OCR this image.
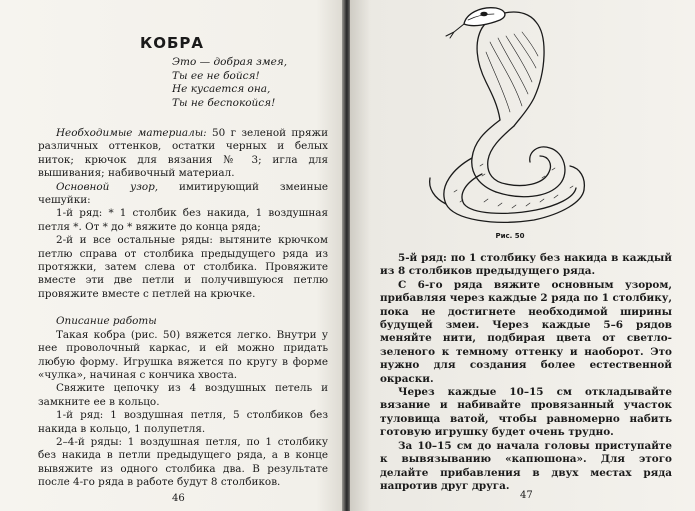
КОБРА
Это — добрая змея,
Ты ее не бойся!
Не кусается она,
Ты не беспокойся!

Необходимые материалы: 50 г зеленой пряжи различных оттенков, остатки черных и белых ниток; крючок для вязания № 3; игла для вышивания; набивочный материал.

Основной узор, имитирующий змеиные чешуйки:

1-й ряд: * 1 столбик без накида, 1 воздушная петля *. От * до * вяжите до конца ряда;

2-й и все остальные ряды: вытяните крючком петлю справа от столбика предыдущего ряда из протяжки, затем слева от столбика. Провяжите вместе эти две петли и получившуюся петлю провяжите вместе с петлей на крючке.

Описание работы

Такая кобра (рис. 50) вяжется легко. Внутри у нее проволочный каркас, и ей можно придать любую форму. Игрушка вяжется по кругу в форме «чулка», начиная с кончика хвоста.

Свяжите цепочку из 4 воздушных петель и замкните ее в кольцо.

1-й ряд: 1 воздушная петля, 5 столбиков без накида в кольцо, 1 полупетля.

2–4-й ряды: 1 воздушная петля, по 1 столбику без накида в петли предыдущего ряда, а в конце вывяжите из одного столбика два. В результате после 4-го ряда в работе будут 8 столбиков.

46
Рис. 50

5-й ряд: по 1 столбику без накида в каждый из 8 столбиков предыдущего ряда.

С 6-го ряда вяжите основным узором, прибавляя через каждые 2 ряда по 1 столбику, пока не достигнете необходимой ширины будущей змеи. Через каждые 5–6 рядов меняйте нити, подбирая цвета от светло-зеленого к темному оттенку и наоборот. Это нужно для создания более естественной окраски.

Через каждые 10–15 см откладывайте вязание и набивайте провязанный участок туловища ватой, чтобы равномерно набить готовую игрушку будет очень трудно.

За 10–15 см до начала головы приступайте к вывязыванию «капюшона». Для этого делайте прибавления в двух местах ряда напротив друг друга.

47
